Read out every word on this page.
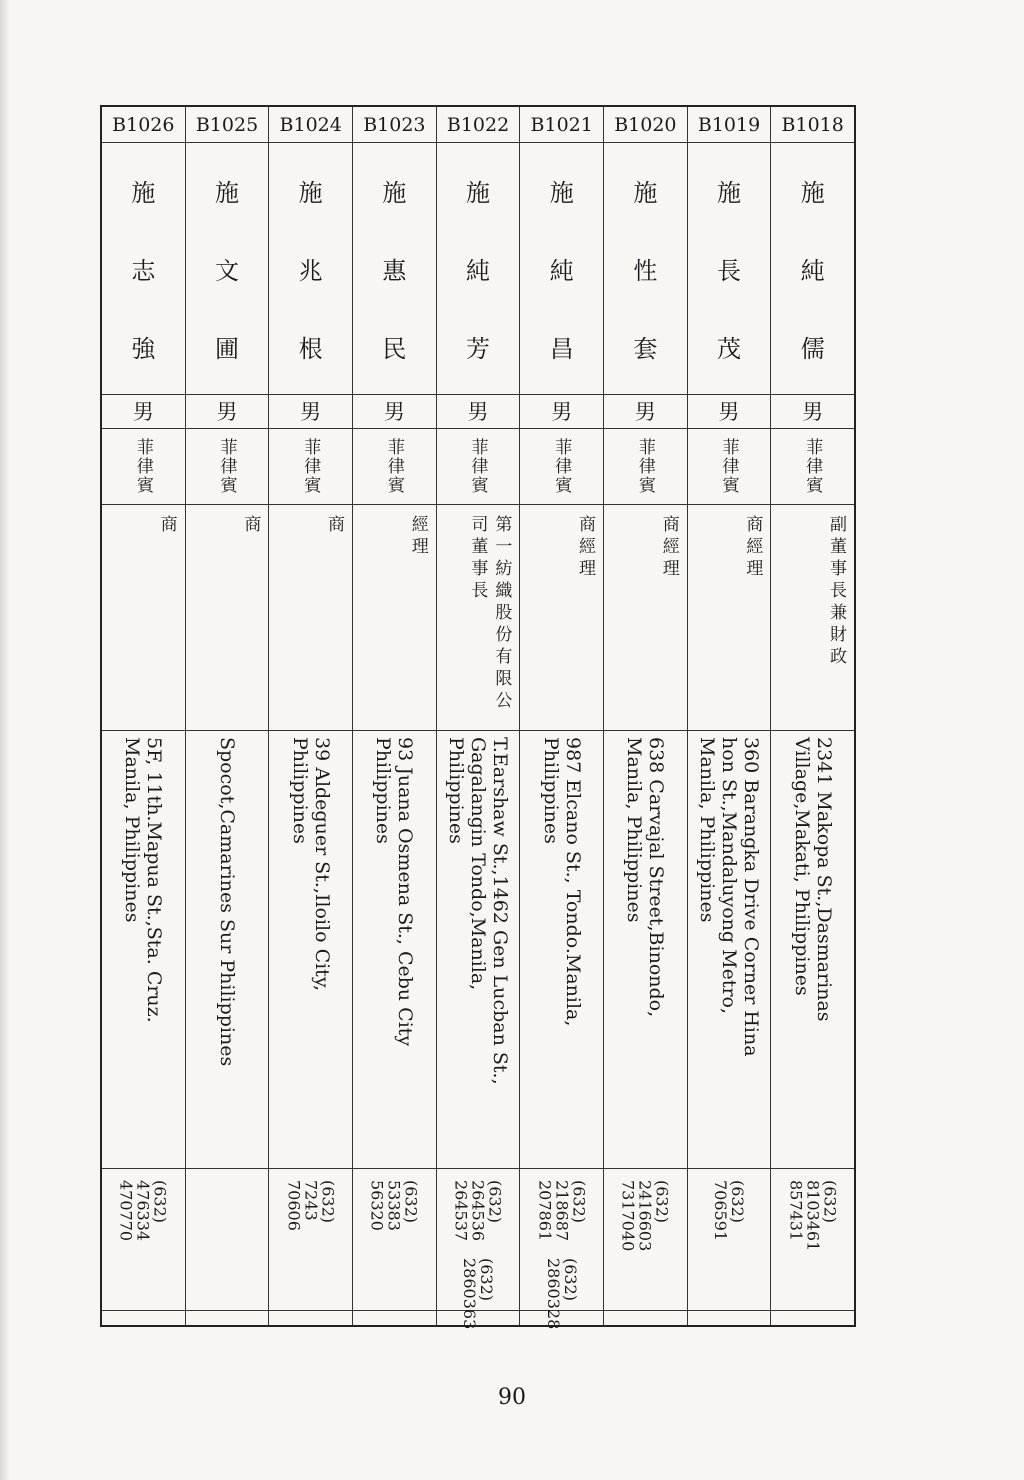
B1026
施
志
強
男
菲律賓
商
5F, 11th.Mapua St.,Sta. Cruz.
Manila, Philippines
(632)
476334
470770
B1025
施
文
圃
男
菲律賓
商
Spocot,Camarines Sur Philippines
B1024
施
兆
根
男
菲律賓
商
39 Aldeguer St.,Iloilo City,
Philippines
(632)
7243
70606
B1023
施
惠
民
男
菲律賓
經理
93 Juana Osmena St., Cebu City
Philippines
(632)
53383
56320
B1022
施
純
芳
男
菲律賓
第一紡織股份有限公司董事長
T.Earshaw St.,1462 Gen Lucban St.,
Gagalangin Tondo,Manila,
Philippines
(632)
264536
264537
(632)
2860363
B1021
施
純
昌
男
菲律賓
商經理
987 Elcano St., Tondo.Manila,
Philippines
(632)
218687
207861
(632)
2860328
B1020
施
性
套
男
菲律賓
商經理
638 Carvajal Street,Binondo,
Manila, Philippines
(632)
2416603
7317040
B1019
施
長
茂
男
菲律賓
商經理
360 Barangka Drive Corner Hina
hon St.,Mandaluyong Metro,
Manila, Philippines
(632)
706591
B1018
施
純
儒
男
菲律賓
副董事長兼財政
2341 Makopa St.,Dasmarinas
Village,Makati, Philippines
(632)
8103461
857431
90
